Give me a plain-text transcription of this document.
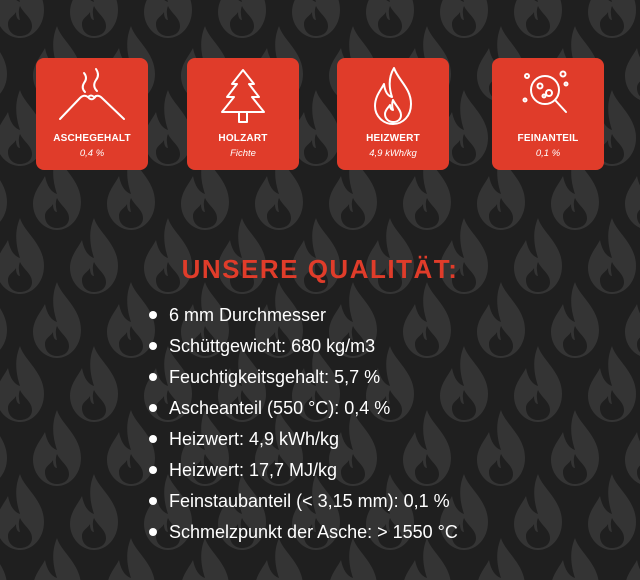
ASCHEGEHALT
0,4 %
HOLZART
Fichte
HEIZWERT
4,9 kWh/kg
FEINANTEIL
0,1 %
UNSERE QUALITÄT:
6 mm Durchmesser
Schüttgewicht: 680 kg/m3
Feuchtigkeitsgehalt: 5,7 %
Ascheanteil (550 °C): 0,4 %
Heizwert: 4,9 kWh/kg
Heizwert: 17,7 MJ/kg
Feinstaubanteil (< 3,15 mm): 0,1 %
Schmelzpunkt der Asche: > 1550 °C
